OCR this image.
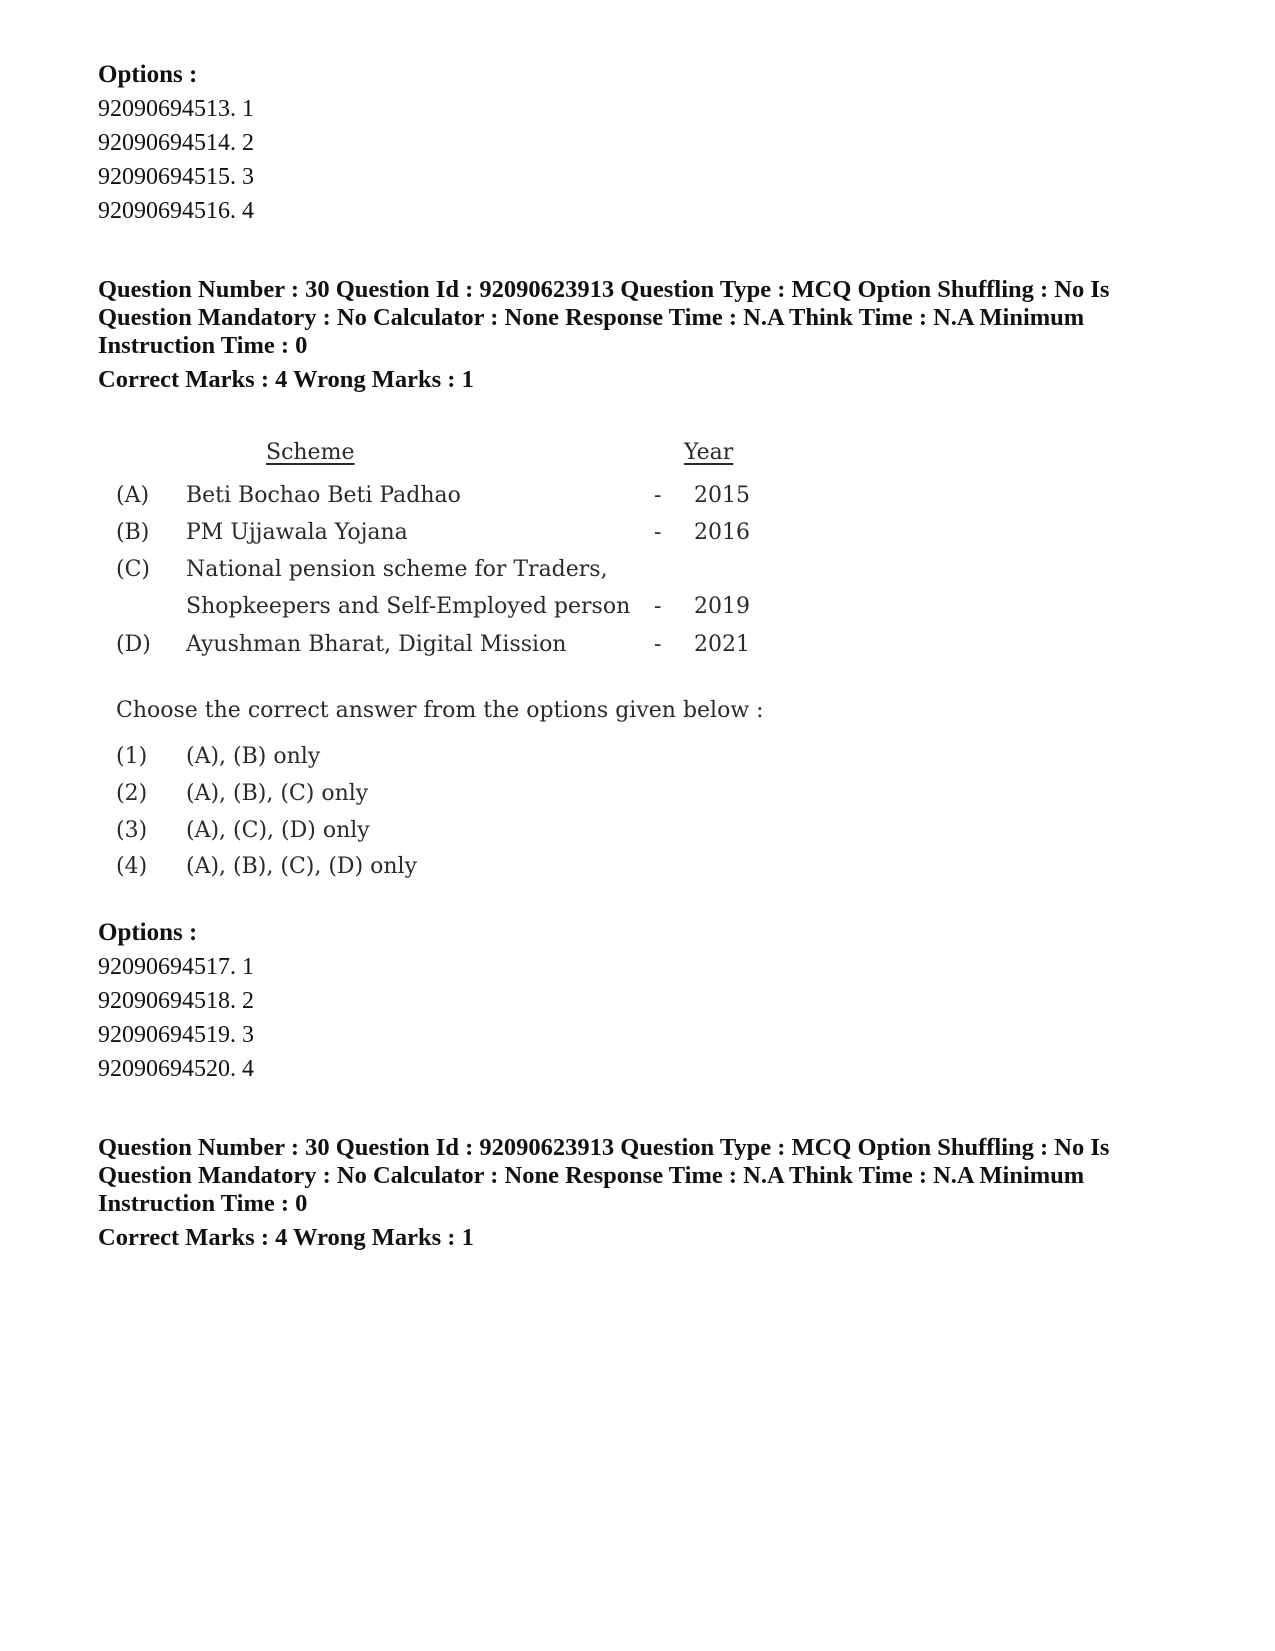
Options :
92090694513. 1
92090694514. 2
92090694515. 3
92090694516. 4
Question Number : 30 Question Id : 92090623913 Question Type : MCQ Option Shuffling : No Is
Question Mandatory : No Calculator : None Response Time : N.A Think Time : N.A Minimum
Instruction Time : 0
Correct Marks : 4 Wrong Marks : 1
Scheme	Year
(A) Beti Bochao Beti Padhao	- 2015
(B) PM Ujjawala Yojana	- 2016
(C) National pension scheme for Traders,
Shopkeepers and Self-Employed person - 2019
(D) Ayushman Bharat, Digital Mission	- 2021
Choose the correct answer from the options given below :
(1) (A), (B) only
(2) (A), (B), (C) only
(3) (A), (C), (D) only
(4) (A), (B), (C), (D) only
Options :
92090694517. 1
92090694518. 2
92090694519. 3
92090694520. 4
Question Number : 30 Question Id : 92090623913 Question Type : MCQ Option Shuffling : No Is
Question Mandatory : No Calculator : None Response Time : N.A Think Time : N.A Minimum
Instruction Time : 0
Correct Marks : 4 Wrong Marks : 1
